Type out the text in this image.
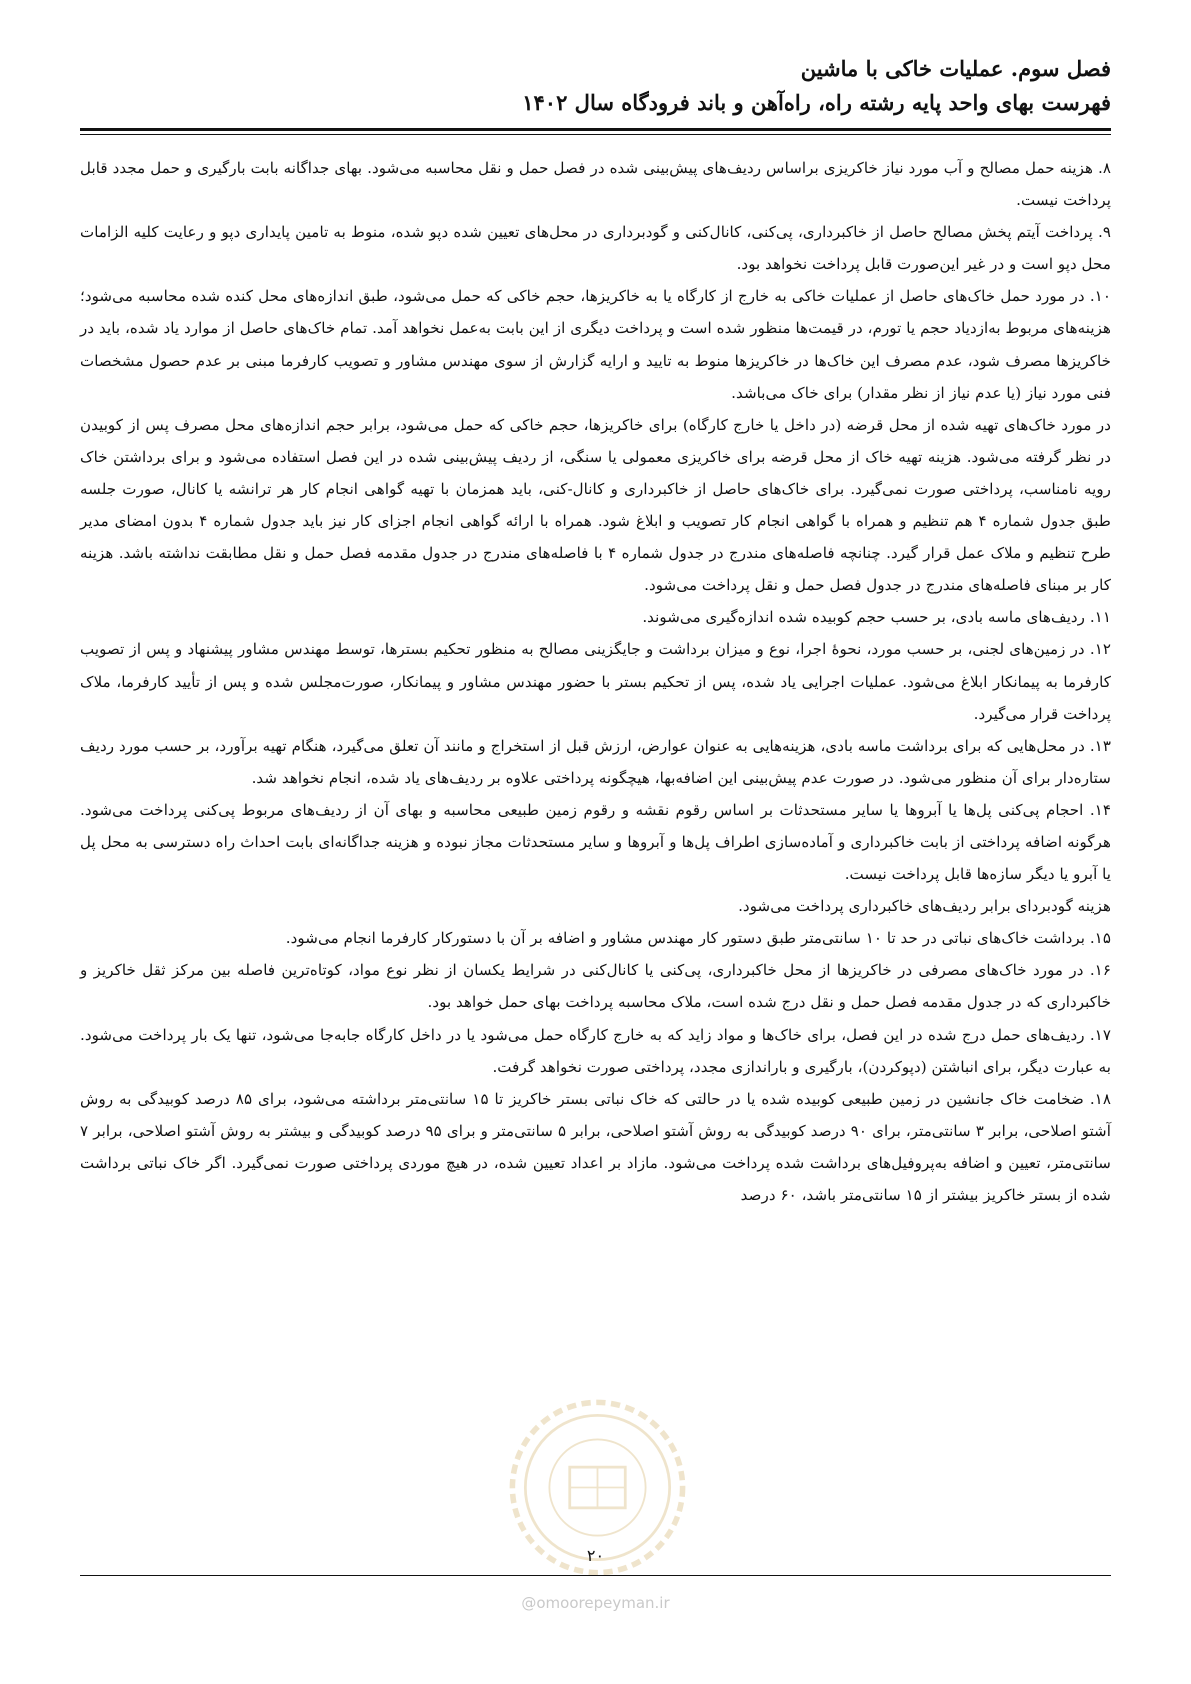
فصل سوم. عملیات خاکی با ماشین
فهرست بهای واحد پایه رشته راه، راه‌آهن و باند فرودگاه سال ۱۴۰۲

۸. هزینه حمل مصالح و آب مورد نیاز خاکریزی براساس ردیف‌های پیش‌بینی شده در فصل حمل و نقل محاسبه می‌شود. بهای جداگانه بابت بارگیری و حمل مجدد قابل پرداخت نیست.

۹. پرداخت آیتم پخش مصالح حاصل از خاکبرداری، پی‌کنی، کانال‌کنی و گودبرداری در محل‌های تعیین شده دپو شده، منوط به تامین پایداری دپو و رعایت کلیه الزامات محل دپو است و در غیر این‌صورت قابل پرداخت نخواهد بود.

۱۰. در مورد حمل خاک‌های حاصل از عملیات خاکی به خارج از کارگاه یا به خاکریزها، حجم خاکی که حمل می‌شود، طبق اندازه‌های محل کنده شده محاسبه می‌شود؛ هزینه‌های مربوط به‌ازدیاد حجم یا تورم، در قیمت‌ها منظور شده است و پرداخت دیگری از این بابت به‌عمل نخواهد آمد. تمام خاک‌های حاصل از موارد یاد شده، باید در خاکریزها مصرف شود، عدم مصرف این خاک‌ها در خاکریزها منوط به تایید و ارایه گزارش از سوی مهندس مشاور و تصویب کارفرما مبنی بر عدم حصول مشخصات فنی مورد نیاز (یا عدم نیاز از نظر مقدار) برای خاک می‌باشد.

در مورد خاک‌های تهیه شده از محل قرضه (در داخل یا خارج کارگاه) برای خاکریزها، حجم خاکی که حمل می‌شود، برابر حجم اندازه‌های محل مصرف پس از کوبیدن در نظر گرفته می‌شود. هزینه تهیه خاک از محل قرضه برای خاکریزی معمولی یا سنگی، از ردیف پیش‌بینی شده در این فصل استفاده می‌شود و برای برداشتن خاک رویه نامناسب، پرداختی صورت نمی‌گیرد. برای خاک‌های حاصل از خاکبرداری و کانال-کنی، باید همزمان با تهیه گواهی انجام کار هر ترانشه یا کانال، صورت جلسه طبق جدول شماره ۴ هم تنظیم و همراه با گواهی انجام کار تصویب و ابلاغ شود. همراه با ارائه گواهی انجام اجزای کار نیز باید جدول شماره ۴ بدون امضای مدیر طرح تنظیم و ملاک عمل قرار گیرد. چنانچه فاصله‌های مندرج در جدول شماره ۴ با فاصله‌های مندرج در جدول مقدمه فصل حمل و نقل مطابقت نداشته باشد. هزینه کار بر مبنای فاصله‌های مندرج در جدول فصل حمل و نقل پرداخت می‌شود.

۱۱. ردیف‌های ماسه بادی، بر حسب حجم کوبیده شده اندازه‌گیری می‌شوند.

۱۲. در زمین‌های لجنی، بر حسب مورد، نحوهٔ اجرا، نوع و میزان برداشت و جایگزینی مصالح به منظور تحکیم بسترها، توسط مهندس مشاور پیشنهاد و پس از تصویب کارفرما به پیمانکار ابلاغ می‌شود. عملیات اجرایی یاد شده، پس از تحکیم بستر با حضور مهندس مشاور و پیمانکار، صورت‌مجلس شده و پس از تأیید کارفرما، ملاک پرداخت قرار می‌گیرد.

۱۳. در محل‌هایی که برای برداشت ماسه بادی، هزینه‌هایی به عنوان عوارض، ارزش قبل از استخراج و مانند آن تعلق می‌گیرد، هنگام تهیه برآورد، بر حسب مورد ردیف ستاره‌دار برای آن منظور می‌شود. در صورت عدم پیش‌بینی این اضافه‌بها، هیچگونه پرداختی علاوه بر ردیف‌های یاد شده، انجام نخواهد شد.

۱۴. احجام پی‌کنی پل‌ها یا آبروها یا سایر مستحدثات بر اساس رقوم نقشه و رقوم زمین طبیعی محاسبه و بهای آن از ردیف‌های مربوط پی‌کنی پرداخت می‌شود. هرگونه اضافه پرداختی از بابت خاکبرداری و آماده‌سازی اطراف پل‌ها و آبروها و سایر مستحدثات مجاز نبوده و هزینه جداگانه‌ای بابت احداث راه دسترسی به محل پل یا آبرو یا دیگر سازه‌ها قابل پرداخت نیست.

هزینه گودبردای برابر ردیف‌های خاکبرداری پرداخت می‌شود.

۱۵. برداشت خاک‌های نباتی در حد تا ۱۰ سانتی‌متر طبق دستور کار مهندس مشاور و اضافه بر آن با دستورکار کارفرما انجام می‌شود.

۱۶. در مورد خاک‌های مصرفی در خاکریزها از محل خاکبرداری، پی‌کنی یا کانال‌کنی در شرایط یکسان از نظر نوع مواد، کوتاه‌ترین فاصله بین مرکز ثقل خاکریز و خاکبرداری که در جدول مقدمه فصل حمل و نقل درج شده است، ملاک محاسبه پرداخت بهای حمل خواهد بود.

۱۷. ردیف‌های حمل درج شده در این فصل، برای خاک‌ها و مواد زاید که به خارج کارگاه حمل می‌شود یا در داخل کارگاه جابه‌جا می‌شود، تنها یک بار پرداخت می‌شود. به عبارت دیگر، برای انباشتن (دپوکردن)، بارگیری و باراندازی مجدد، پرداختی صورت نخواهد گرفت.

۱۸. ضخامت خاک جانشین در زمین طبیعی کوبیده شده یا در حالتی که خاک نباتی بستر خاکریز تا ۱۵ سانتی‌متر برداشته می‌شود، برای ۸۵ درصد کوبیدگی به روش آشتو اصلاحی، برابر ۳ سانتی‌متر، برای ۹۰ درصد کوبیدگی به روش آشتو اصلاحی، برابر ۵ سانتی‌متر و برای ۹۵ درصد کوبیدگی و بیشتر به روش آشتو اصلاحی، برابر ۷ سانتی‌متر، تعیین و اضافه به‌پروفیل‌های برداشت شده پرداخت می‌شود. مازاد بر اعداد تعیین شده، در هیچ موردی پرداختی صورت نمی‌گیرد. اگر خاک نباتی برداشت شده از بستر خاکریز بیشتر از ۱۵ سانتی‌متر باشد، ۶۰ درصد

۲۰
@omoorepeyman.ir
